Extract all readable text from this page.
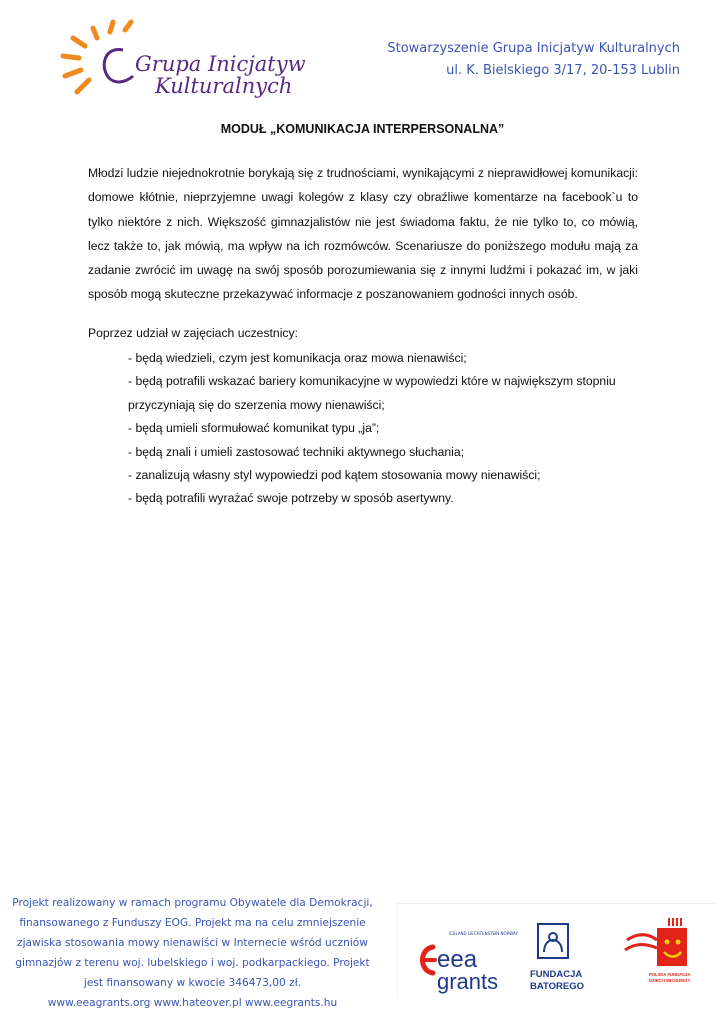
Grupa Inicjatyw
Kulturalnych
Stowarzyszenie Grupa Inicjatyw Kulturalnych
ul. K. Bielskiego 3/17, 20-153 Lublin
MODUŁ „KOMUNIKACJA INTERPERSONALNA”
Młodzi ludzie niejednokrotnie borykają się z trudnościami, wynikającymi z nieprawidłowej komunikacji: domowe kłótnie, nieprzyjemne uwagi kolegów z klasy czy obraźliwe komentarze na facebook`u to tylko niektóre z nich. Większość gimnazjalistów nie jest świadoma faktu, że nie tylko to, co mówią, lecz także to, jak mówią, ma wpływ na ich rozmówców. Scenariusze do poniższego modułu mają za zadanie zwrócić im uwagę na swój sposób porozumiewania się z innymi ludźmi i pokazać im, w jaki sposób mogą skuteczne przekazywać informacje z poszanowaniem godności innych osób.
Poprzez udział w zajęciach uczestnicy:
- będą wiedzieli, czym jest komunikacja oraz mowa nienawiści;
- będą potrafili wskazać bariery komunikacyjne w wypowiedzi które w największym stopniu przyczyniają się do szerzenia mowy nienawiści;
- będą umieli sformułować komunikat typu „ja”;
- będą znali i umieli zastosować techniki aktywnego słuchania;
- zanalizują własny styl wypowiedzi pod kątem stosowania mowy nienawiści;
- będą potrafili wyrażać swoje potrzeby w sposób asertywny.
Projekt realizowany w ramach programu Obywatele dla Demokracji,
finansowanego z Funduszy EOG. Projekt ma na celu zmniejszenie
zjawiska stosowania mowy nienawiści w Internecie wśród uczniów
gimnazjów z terenu woj. lubelskiego i woj. podkarpackiego. Projekt
jest finansowany w kwocie 346473,00 zł.
www.eeagrants.org www.hateover.pl www.eegrants.hu
ICELAND LIECHTENSTEIN NORWAY
eea
grants	FUNDACJA
BATOREGO
POLSKA FUNDACJA
DZIECI I MŁODZIEŻY
